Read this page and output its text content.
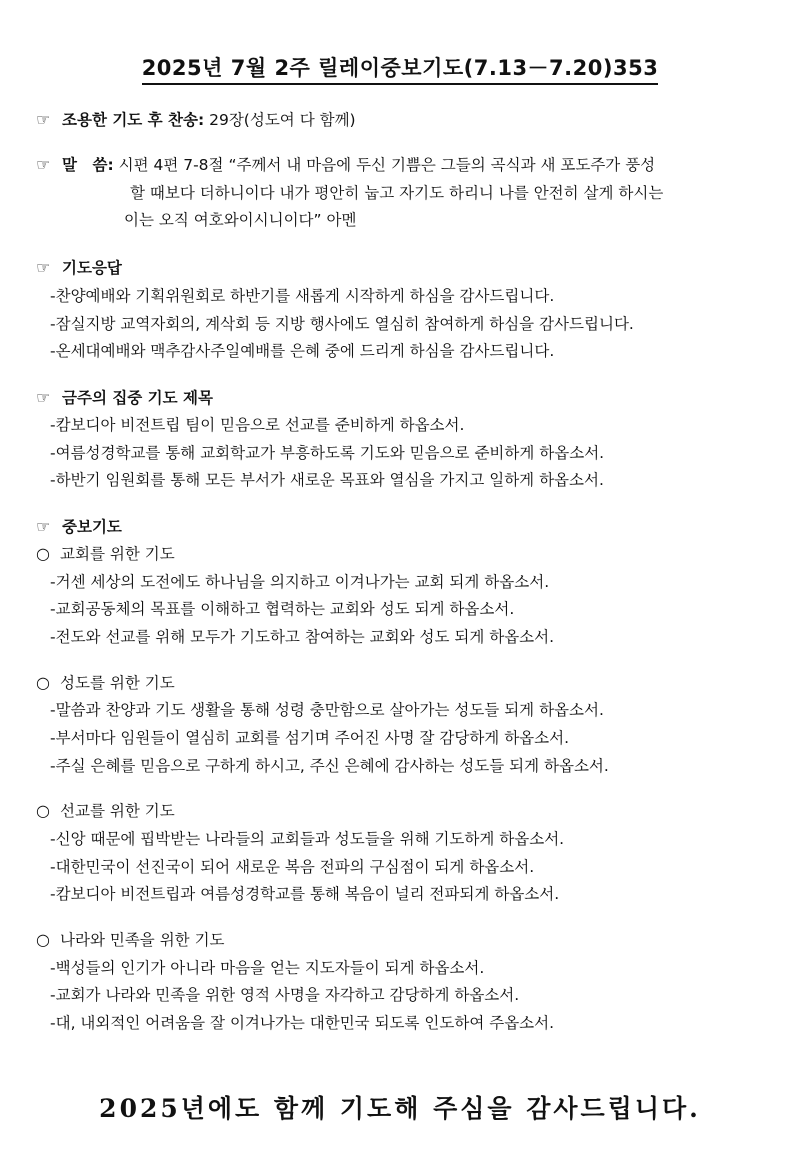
2025년 7월 2주 릴레이중보기도(7.13－7.20)353
☞ 조용한 기도 후 찬송: 29장(성도여 다 함께)
☞ 말　씀: 시편 4편 7-8절 “주께서 내 마음에 두신 기쁨은 그들의 곡식과 새 포도주가 풍성
할 때보다 더하니이다 내가 평안히 눕고 자기도 하리니 나를 안전히 살게 하시는
이는 오직 여호와이시니이다” 아멘
☞ 기도응답
-찬양예배와 기획위원회로 하반기를 새롭게 시작하게 하심을 감사드립니다.
-잠실지방 교역자회의, 계삭회 등 지방 행사에도 열심히 참여하게 하심을 감사드립니다.
-온세대예배와 맥추감사주일예배를 은혜 중에 드리게 하심을 감사드립니다.
☞ 금주의 집중 기도 제목
-캄보디아 비전트립 팀이 믿음으로 선교를 준비하게 하옵소서.
-여름성경학교를 통해 교회학교가 부흥하도록 기도와 믿음으로 준비하게 하옵소서.
-하반기 임원회를 통해 모든 부서가 새로운 목표와 열심을 가지고 일하게 하옵소서.
☞ 중보기도
○ 교회를 위한 기도
-거센 세상의 도전에도 하나님을 의지하고 이겨나가는 교회 되게 하옵소서.
-교회공동체의 목표를 이해하고 협력하는 교회와 성도 되게 하옵소서.
-전도와 선교를 위해 모두가 기도하고 참여하는 교회와 성도 되게 하옵소서.
○ 성도를 위한 기도
-말씀과 찬양과 기도 생활을 통해 성령 충만함으로 살아가는 성도들 되게 하옵소서.
-부서마다 임원들이 열심히 교회를 섬기며 주어진 사명 잘 감당하게 하옵소서.
-주실 은혜를 믿음으로 구하게 하시고, 주신 은혜에 감사하는 성도들 되게 하옵소서.
○ 선교를 위한 기도
-신앙 때문에 핍박받는 나라들의 교회들과 성도들을 위해 기도하게 하옵소서.
-대한민국이 선진국이 되어 새로운 복음 전파의 구심점이 되게 하옵소서.
-캄보디아 비전트립과 여름성경학교를 통해 복음이 널리 전파되게 하옵소서.
○ 나라와 민족을 위한 기도
-백성들의 인기가 아니라 마음을 얻는 지도자들이 되게 하옵소서.
-교회가 나라와 민족을 위한 영적 사명을 자각하고 감당하게 하옵소서.
-대, 내외적인 어려움을 잘 이겨나가는 대한민국 되도록 인도하여 주옵소서.
2025년에도 함께 기도해 주심을 감사드립니다.
